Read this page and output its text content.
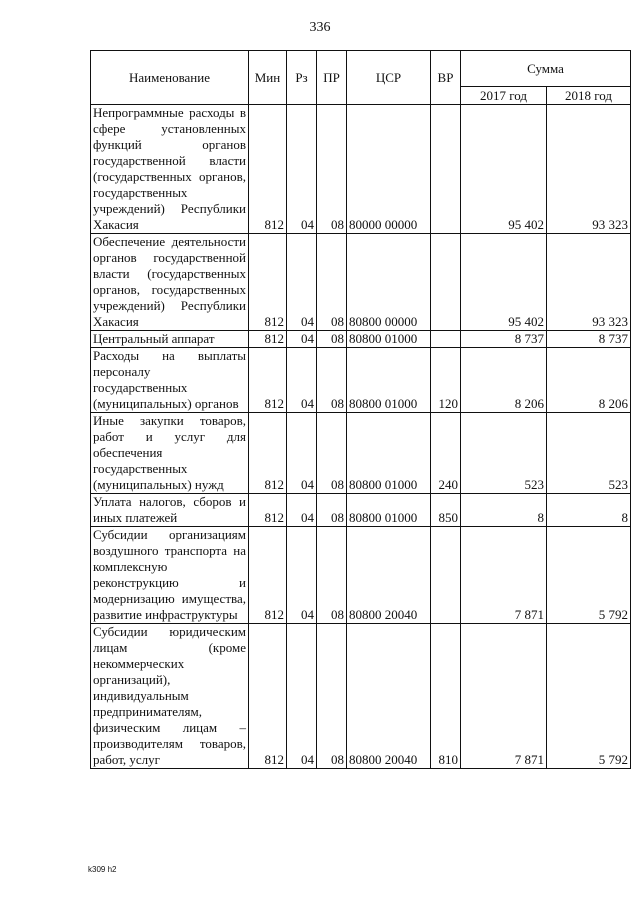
336
Наименование	Мин	Рз	ПР	ЦСР	ВР	Сумма	
						2017 год	2018 год
Непрограммные расходы в сфере установленных функций органов государственной власти (государственных органов, государственных учреждений) Республики Хакасия	812	04	08	80000 00000		95 402	93 323
Обеспечение деятельности органов государственной власти (государственных органов, государственных учреждений) Республики Хакасия	812	04	08	80800 00000		95 402	93 323
Центральный аппарат	812	04	08	80800 01000		8 737	8 737
Расходы на выплаты персоналу государственных (муниципальных) органов	812	04	08	80800 01000	120	8 206	8 206
Иные закупки товаров, работ и услуг для обеспечения государственных (муниципальных) нужд	812	04	08	80800 01000	240	523	523
Уплата налогов, сборов и иных платежей	812	04	08	80800 01000	850	8	8
Субсидии организациям воздушного транспорта на комплексную реконструкцию и модернизацию имущества, развитие инфраструктуры	812	04	08	80800 20040		7 871	5 792
Субсидии юридическим лицам (кроме некоммерческих организаций), индивидуальным предпринимателям, физическим лицам – производителям товаров, работ, услуг	812	04	08	80800 20040	810	7 871	5 792
k309 h2
